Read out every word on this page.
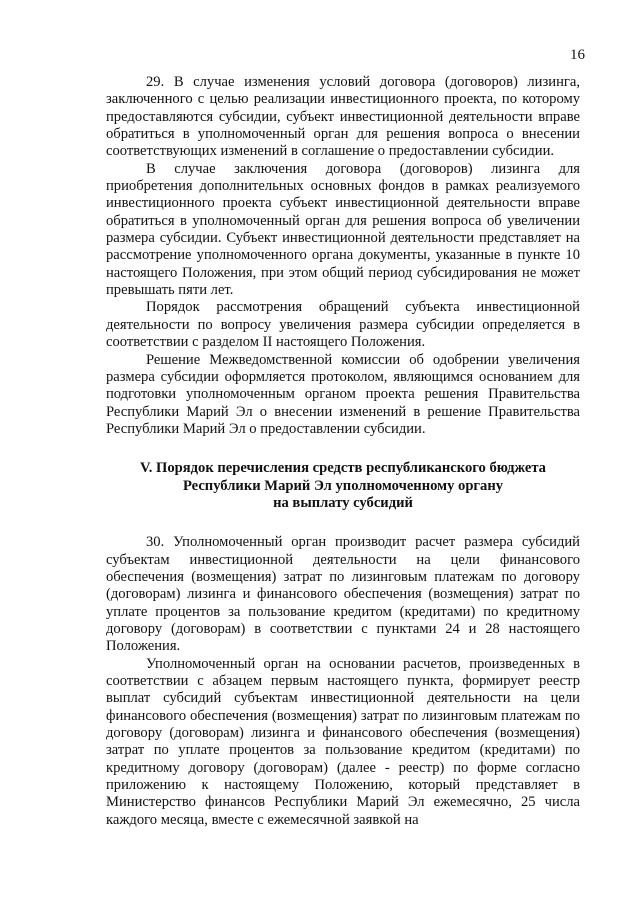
16

29. В случае изменения условий договора (договоров) лизинга, заключенного с целью реализации инвестиционного проекта, по которому предоставляются субсидии, субъект инвестиционной деятельности вправе обратиться в уполномоченный орган для решения вопроса о внесении соответствующих изменений в соглашение о предоставлении субсидии.

В случае заключения договора (договоров) лизинга для приобретения дополнительных основных фондов в рамках реализуемого инвестиционного проекта субъект инвестиционной деятельности вправе обратиться в уполномоченный орган для решения вопроса об увеличении размера субсидии. Субъект инвестиционной деятельности представляет на рассмотрение уполномоченного органа документы, указанные в пункте 10 настоящего Положения, при этом общий период субсидирования не может превышать пяти лет.

Порядок рассмотрения обращений субъекта инвестиционной деятельности по вопросу увеличения размера субсидии определяется в соответствии с разделом II настоящего Положения.

Решение Межведомственной комиссии об одобрении увеличения размера субсидии оформляется протоколом, являющимся основанием для подготовки уполномоченным органом проекта решения Правительства Республики Марий Эл о внесении изменений в решение Правительства Республики Марий Эл о предоставлении субсидии.

V. Порядок перечисления средств республиканского бюджета
Республики Марий Эл уполномоченному органу
на выплату субсидий

30. Уполномоченный орган производит расчет размера субсидий субъектам инвестиционной деятельности на цели финансового обеспечения (возмещения) затрат по лизинговым платежам по договору (договорам) лизинга и финансового обеспечения (возмещения) затрат по уплате процентов за пользование кредитом (кредитами) по кредитному договору (договорам) в соответствии с пунктами 24 и 28 настоящего Положения.

Уполномоченный орган на основании расчетов, произведенных в соответствии с абзацем первым настоящего пункта, формирует реестр выплат субсидий субъектам инвестиционной деятельности на цели финансового обеспечения (возмещения) затрат по лизинговым платежам по договору (договорам) лизинга и финансового обеспечения (возмещения) затрат по уплате процентов за пользование кредитом (кредитами) по кредитному договору (договорам) (далее - реестр) по форме согласно приложению к настоящему Положению, который представляет в Министерство финансов Республики Марий Эл ежемесячно, 25 числа каждого месяца, вместе с ежемесячной заявкой на
